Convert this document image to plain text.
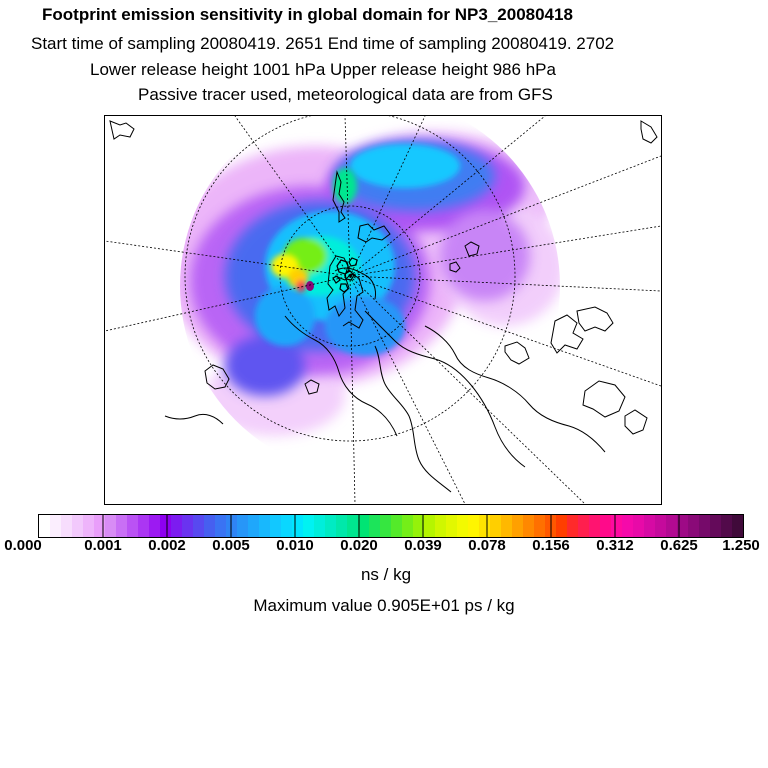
Footprint emission sensitivity in global domain for NP3_20080418
Start time of sampling 20080419. 2651 End time of sampling 20080419. 2702
Lower release height 1001 hPa Upper release height 986 hPa
Passive tracer used, meteorological data are from GFS
0.000	0.001 0.002 0.005 0.010 0.020 0.039 0.078 0.156 0.312 0.625 1.250
ns / kg
Maximum value 0.905E+01 ps / kg
